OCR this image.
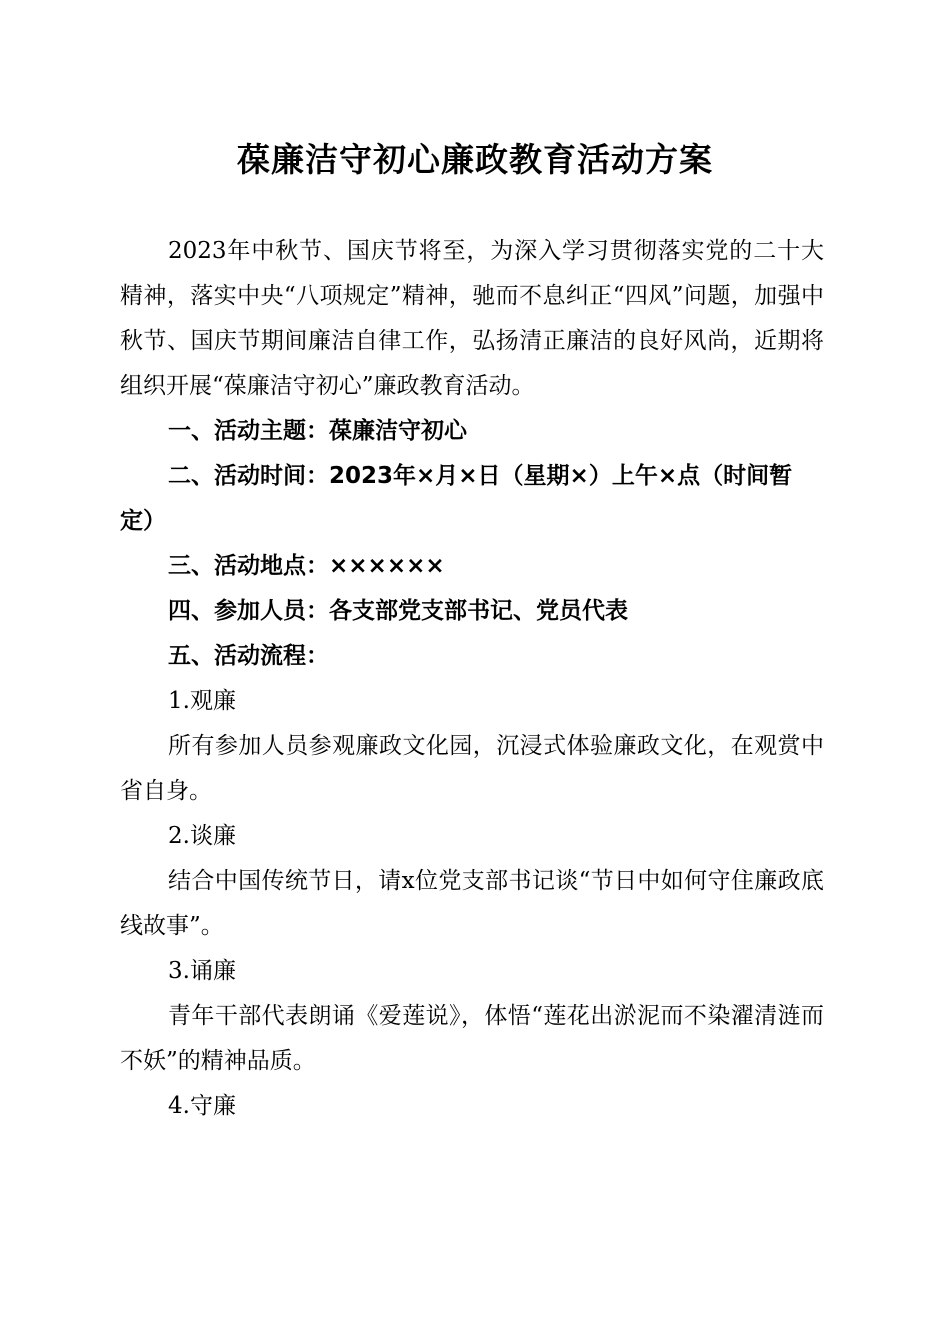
葆廉洁守初心廉政教育活动方案

2023年中秋节、国庆节将至，为深入学习贯彻落实党的二十大精神，落实中央“八项规定”精神，驰而不息纠正“四风”问题，加强中秋节、国庆节期间廉洁自律工作，弘扬清正廉洁的良好风尚，近期将组织开展“葆廉洁守初心”廉政教育活动。

一、活动主题：葆廉洁守初心

二、活动时间：2023年×月×日（星期×）上午×点（时间暂定）

三、活动地点：××××××

四、参加人员：各支部党支部书记、党员代表

五、活动流程：

1.观廉

所有参加人员参观廉政文化园，沉浸式体验廉政文化，在观赏中省自身。

2.谈廉

结合中国传统节日，请x位党支部书记谈“节日中如何守住廉政底线故事”。

3.诵廉

青年干部代表朗诵《爱莲说》，体悟“莲花出淤泥而不染濯清涟而不妖”的精神品质。

4.守廉
